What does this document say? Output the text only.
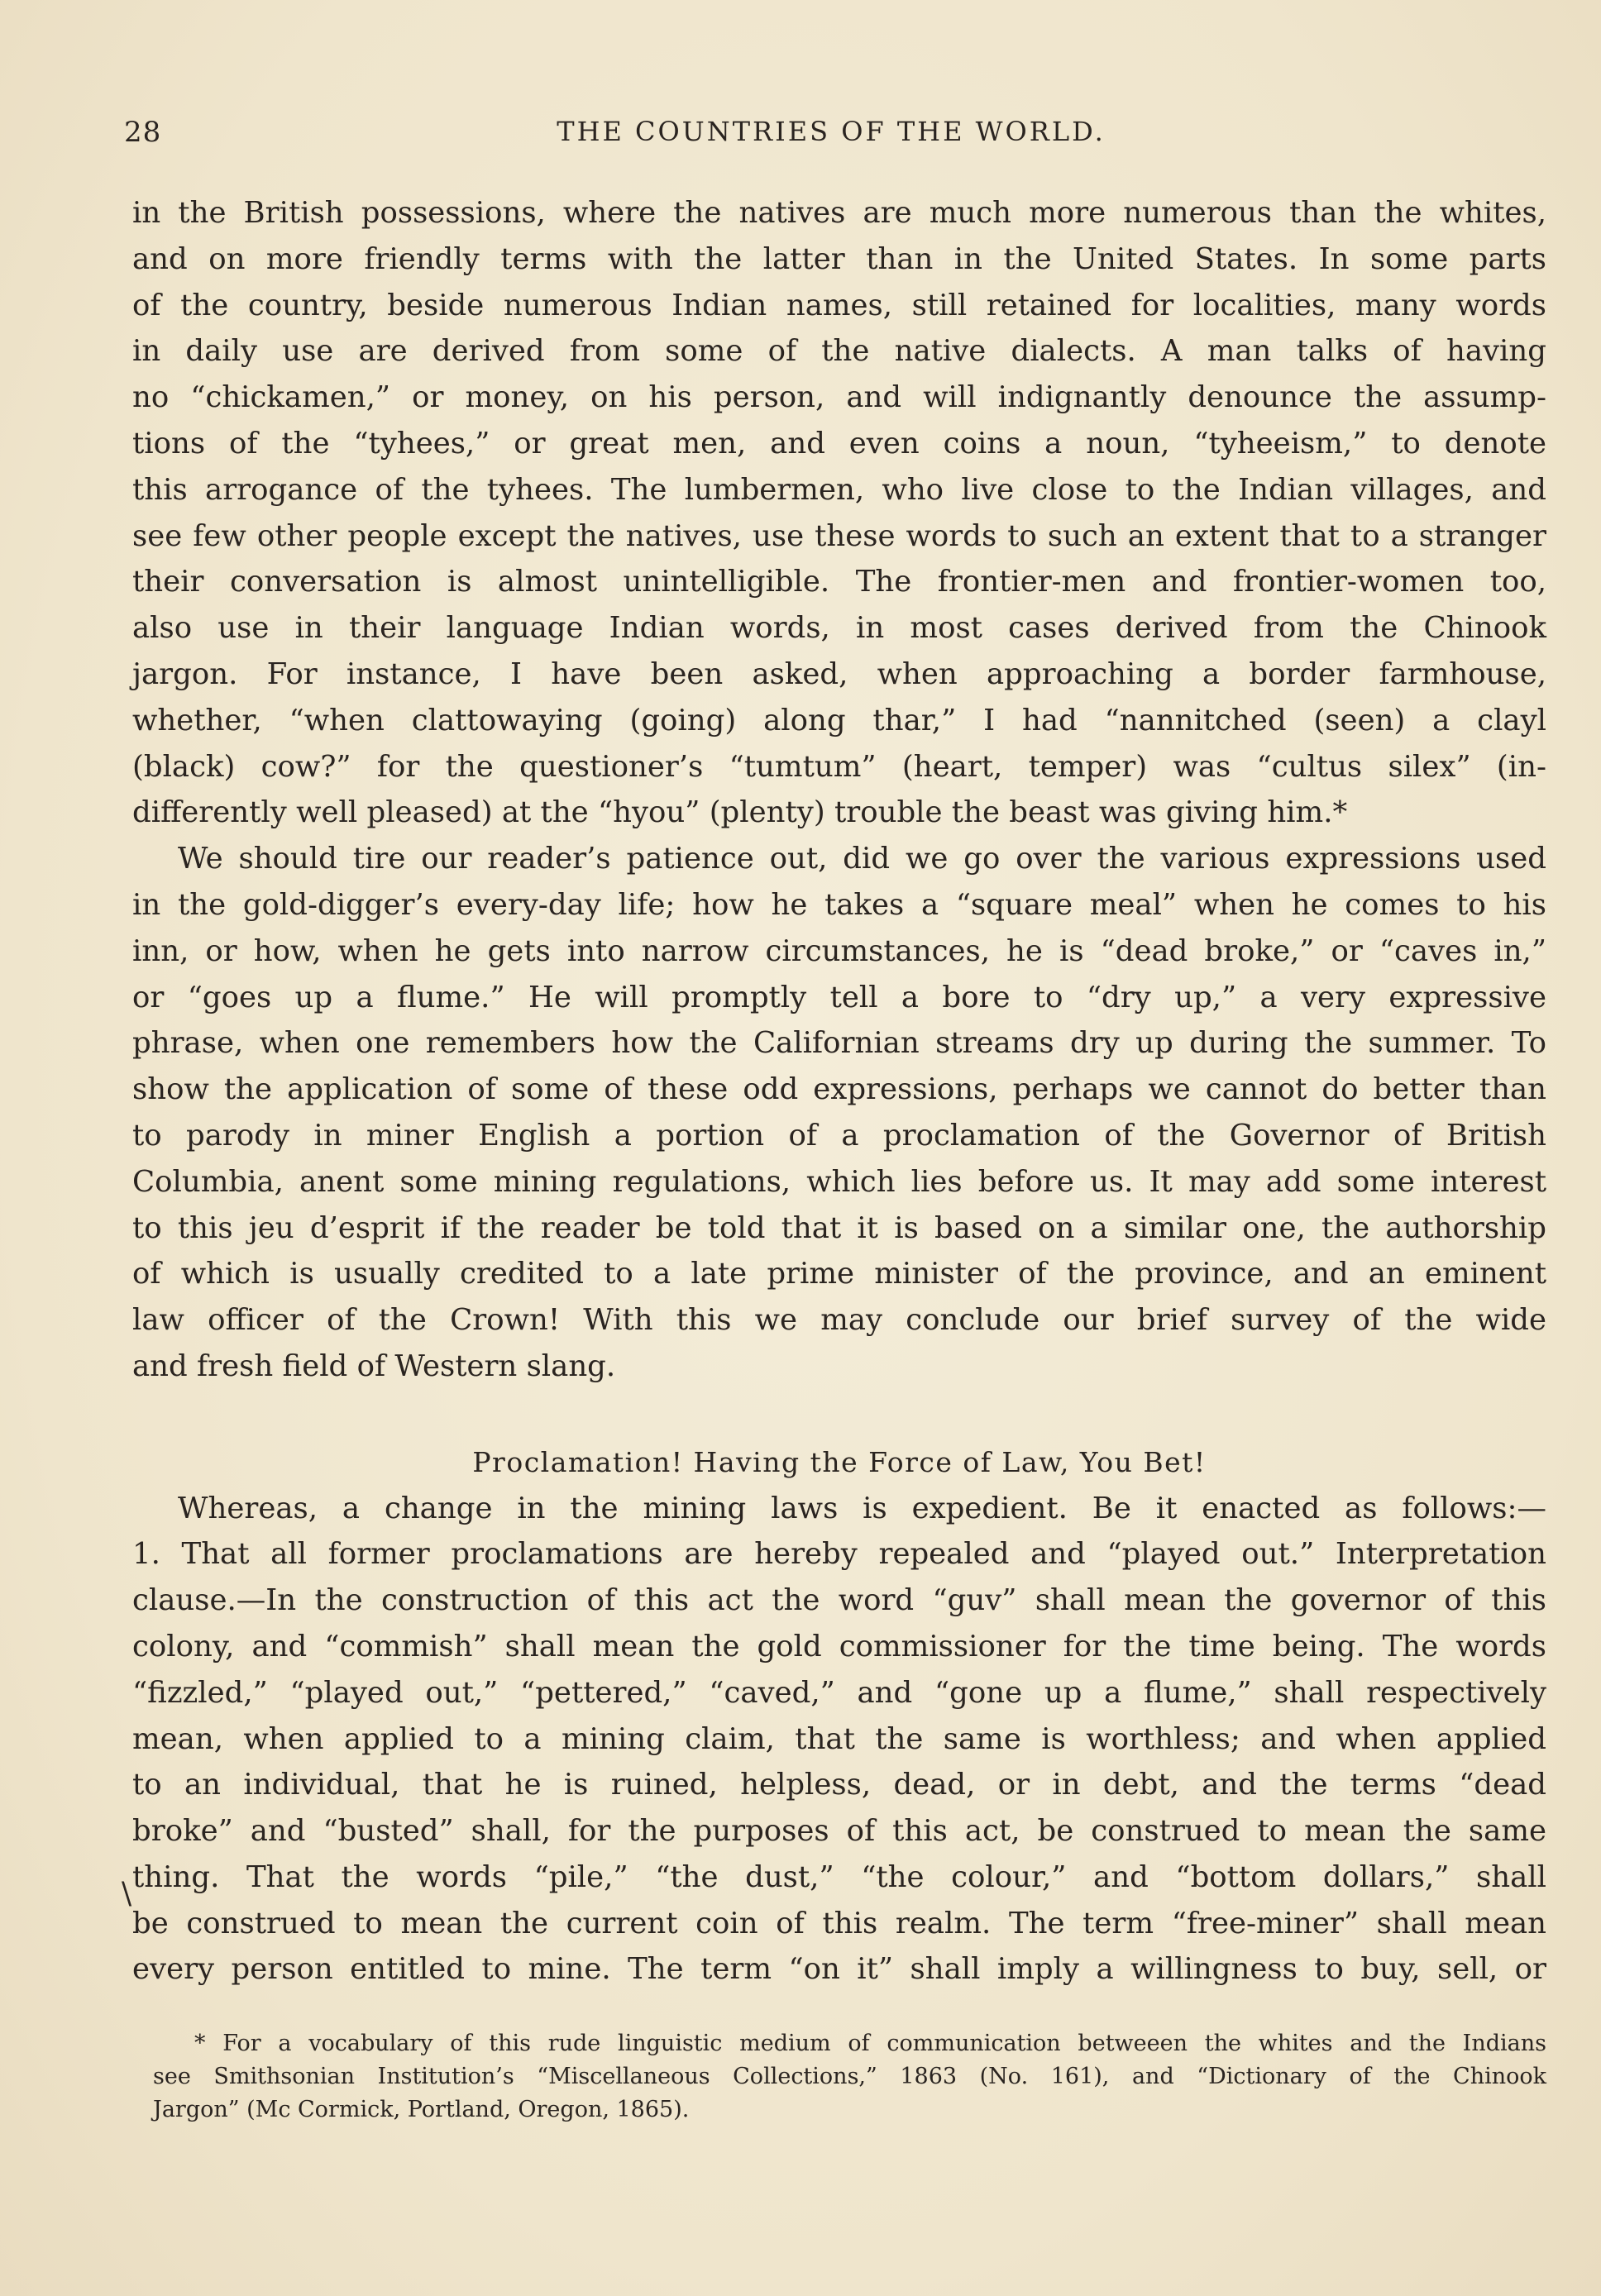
28	THE COUNTRIES OF THE WORLD.
in the British possessions, where the natives are much more numerous than the whites,
and on more friendly terms with the latter than in the United States. In some parts
of the country, beside numerous Indian names, still retained for localities, many words
in daily use are derived from some of the native dialects. A man talks of having
no “chickamen,” or money, on his person, and will indignantly denounce the assump-
tions of the “tyhees,” or great men, and even coins a noun, “tyheeism,” to denote
this arrogance of the tyhees. The lumbermen, who live close to the Indian villages, and
see few other people except the natives, use these words to such an extent that to a stranger
their conversation is almost unintelligible. The frontier-men and frontier-women too,
also use in their language Indian words, in most cases derived from the Chinook
jargon. For instance, I have been asked, when approaching a border farmhouse,
whether, “when clattowaying (going) along thar,” I had “nannitched (seen) a clayl
(black) cow?” for the questioner’s “tumtum” (heart, temper) was “cultus silex” (in-
differently well pleased) at the “hyou” (plenty) trouble the beast was giving him.*
We should tire our reader’s patience out, did we go over the various expressions used
in the gold-digger’s every-day life; how he takes a “square meal” when he comes to his
inn, or how, when he gets into narrow circumstances, he is “dead broke,” or “caves in,”
or “goes up a flume.” He will promptly tell a bore to “dry up,” a very expressive
phrase, when one remembers how the Californian streams dry up during the summer. To
show the application of some of these odd expressions, perhaps we cannot do better than
to parody in miner English a portion of a proclamation of the Governor of British
Columbia, anent some mining regulations, which lies before us. It may add some interest
to this jeu d’esprit if the reader be told that it is based on a similar one, the authorship
of which is usually credited to a late prime minister of the province, and an eminent
law officer of the Crown! With this we may conclude our brief survey of the wide
and fresh field of Western slang.
Proclamation! Having the Force of Law, You Bet!
Whereas, a change in the mining laws is expedient. Be it enacted as follows:—
1. That all former proclamations are hereby repealed and “played out.” Interpretation
clause.—In the construction of this act the word “guv” shall mean the governor of this
colony, and “commish” shall mean the gold commissioner for the time being. The words
“fizzled,” “played out,” “pettered,” “caved,” and “gone up a flume,” shall respectively
mean, when applied to a mining claim, that the same is worthless; and when applied
to an individual, that he is ruined, helpless, dead, or in debt, and the terms “dead
broke” and “busted” shall, for the purposes of this act, be construed to mean the same
thing. That the words “pile,” “the dust,” “the colour,” and “bottom dollars,” shall
be construed to mean the current coin of this realm. The term “free-miner” shall mean
every person entitled to mine. The term “on it” shall imply a willingness to buy, sell, or
\
* For a vocabulary of this rude linguistic medium of communication betweeen the whites and the Indians
see Smithsonian Institution’s “Miscellaneous Collections,” 1863 (No. 161), and “Dictionary of the Chinook
Jargon” (Mc Cormick, Portland, Oregon, 1865).
